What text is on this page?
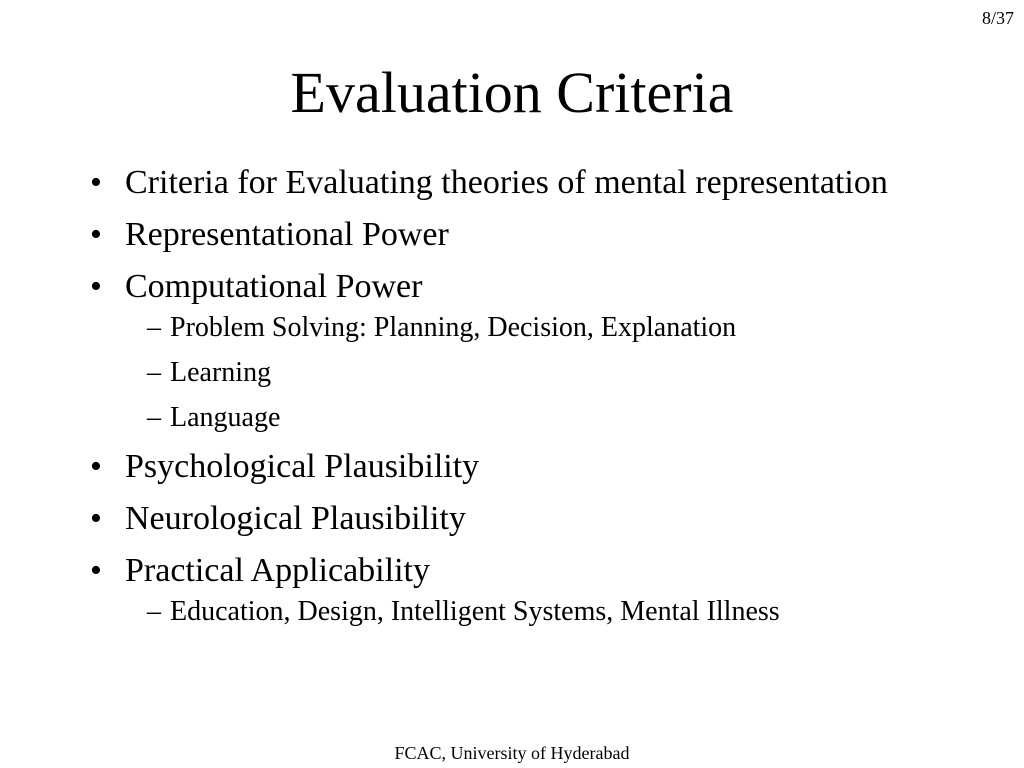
8/37
Evaluation Criteria
• Criteria for Evaluating theories of mental representation
• Representational Power
• Computational Power
– Problem Solving: Planning, Decision, Explanation
– Learning
– Language
• Psychological Plausibility
• Neurological Plausibility
• Practical Applicability
– Education, Design, Intelligent Systems, Mental Illness
FCAC, University of Hyderabad
